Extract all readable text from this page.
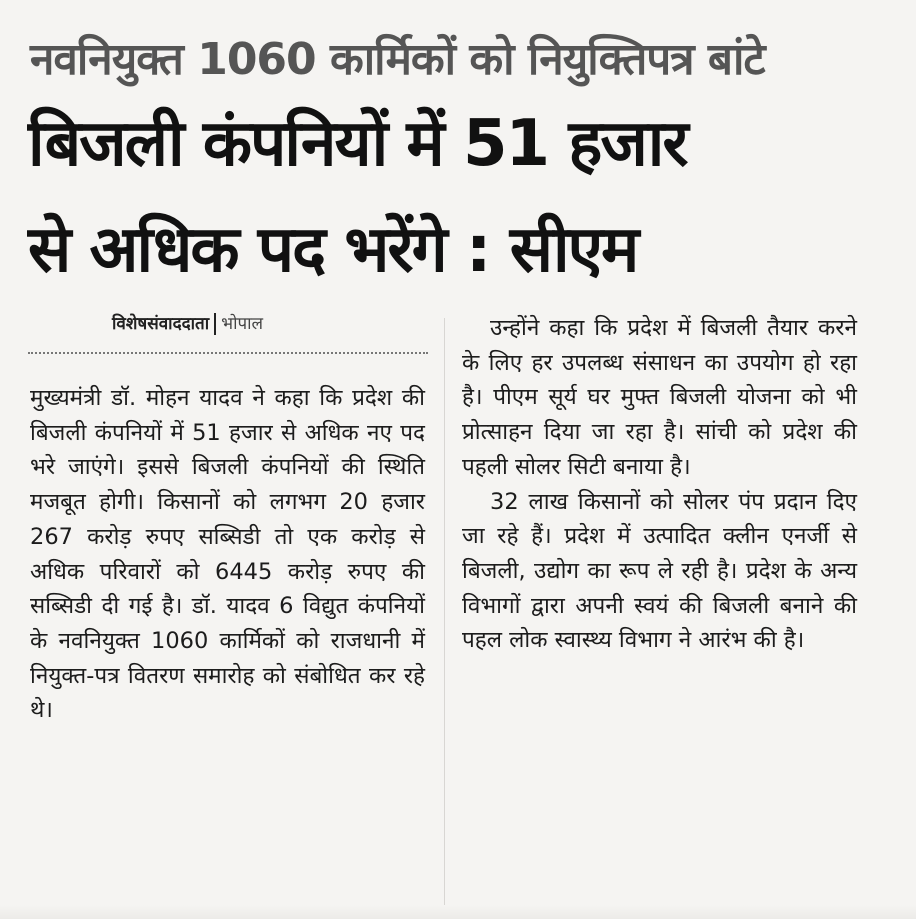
नवनियुक्त 1060 कार्मिकों को नियुक्तिपत्र बांटे
बिजली कंपनियों में 51 हजार
से अधिक पद भरेंगे : सीएम
विशेषसंवाददाता भोपाल

मुख्यमंत्री डॉ. मोहन यादव ने कहा कि प्रदेश की बिजली कंपनियों में 51 हजार से अधिक नए पद भरे जाएंगे। इससे बिजली कंपनियों की स्थिति मजबूत होगी। किसानों को लगभग 20 हजार 267 करोड़ रुपए सब्सिडी तो एक करोड़ से अधिक परिवारों को 6445 करोड़ रुपए की सब्सिडी दी गई है। डॉ. यादव 6 विद्युत कंपनियों के नवनियुक्त 1060 कार्मिकों को राजधानी में नियुक्त-पत्र वितरण समारोह को संबोधित कर रहे थे।

उन्होंने कहा कि प्रदेश में बिजली तैयार करने के लिए हर उपलब्ध संसाधन का उपयोग हो रहा है। पीएम सूर्य घर मुफ्त बिजली योजना को भी प्रोत्साहन दिया जा रहा है। सांची को प्रदेश की पहली सोलर सिटी बनाया है।

32 लाख किसानों को सोलर पंप प्रदान दिए जा रहे हैं। प्रदेश में उत्पादित क्लीन एनर्जी से बिजली, उद्योग का रूप ले रही है। प्रदेश के अन्य विभागों द्वारा अपनी स्वयं की बिजली बनाने की पहल लोक स्वास्थ्य विभाग ने आरंभ की है।
